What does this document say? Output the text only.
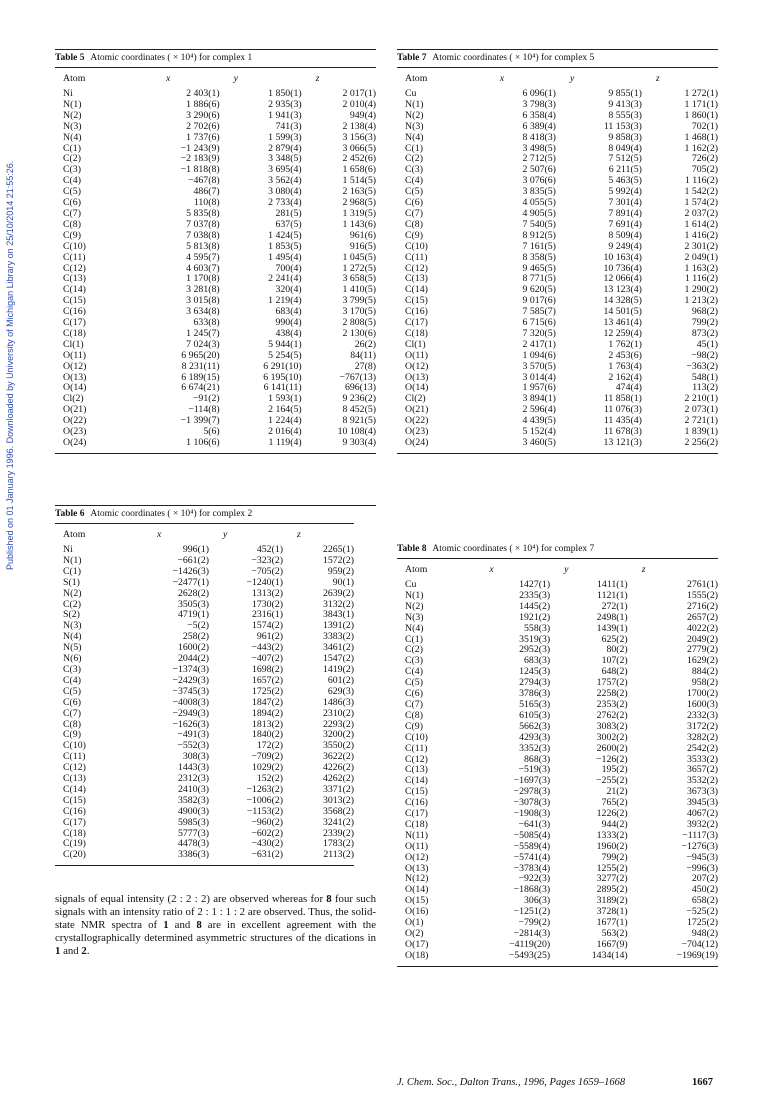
Published on 01 January 1996. Downloaded by University of Michigan Library on 25/10/2014 21:55:26.
Table 5 Atomic coordinates ( × 10⁴) for complex 1
Atom	x	y	z
Ni	2 403(1)	1 850(1)	2 017(1)
N(1)	1 886(6)	2 935(3)	2 010(4)
N(2)	3 290(6)	1 941(3)	949(4)
N(3)	2 702(6)	741(3)	2 138(4)
N(4)	1 737(6)	1 599(3)	3 156(3)
C(1)	−1 243(9)	2 879(4)	3 066(5)
C(2)	−2 183(9)	3 348(5)	2 452(6)
C(3)	−1 818(8)	3 695(4)	1 658(6)
C(4)	−467(8)	3 562(4)	1 514(5)
C(5)	486(7)	3 080(4)	2 163(5)
C(6)	110(8)	2 733(4)	2 968(5)
C(7)	5 835(8)	281(5)	1 319(5)
C(8)	7 037(8)	637(5)	1 143(6)
C(9)	7 038(8)	1 424(5)	961(6)
C(10)	5 813(8)	1 853(5)	916(5)
C(11)	4 595(7)	1 495(4)	1 045(5)
C(12)	4 603(7)	700(4)	1 272(5)
C(13)	1 170(8)	2 241(4)	3 658(5)
C(14)	3 281(8)	320(4)	1 410(5)
C(15)	3 015(8)	1 219(4)	3 799(5)
C(16)	3 634(8)	683(4)	3 170(5)
C(17)	633(8)	990(4)	2 808(5)
C(18)	1 245(7)	438(4)	2 130(6)
Cl(1)	7 024(3)	5 944(1)	26(2)
O(11)	6 965(20)	5 254(5)	84(11)
O(12)	8 231(11)	6 291(10)	27(8)
O(13)	6 189(15)	6 195(10)	−767(13)
O(14)	6 674(21)	6 141(11)	696(13)
Cl(2)	−91(2)	1 593(1)	9 236(2)
O(21)	−114(8)	2 164(5)	8 452(5)
O(22)	−1 399(7)	1 224(4)	8 921(5)
O(23)	5(6)	2 016(4)	10 108(4)
O(24)	1 106(6)	1 119(4)	9 303(4)
Table 7 Atomic coordinates ( × 10⁴) for complex 5
Atom	x	y	z
Cu	6 096(1)	9 855(1)	1 272(1)
N(1)	3 798(3)	9 413(3)	1 171(1)
N(2)	6 358(4)	8 555(3)	1 860(1)
N(3)	6 389(4)	11 153(3)	702(1)
N(4)	8 418(3)	9 858(3)	1 468(1)
C(1)	3 498(5)	8 049(4)	1 162(2)
C(2)	2 712(5)	7 512(5)	726(2)
C(3)	2 507(6)	6 211(5)	705(2)
C(4)	3 076(6)	5 463(5)	1 116(2)
C(5)	3 835(5)	5 992(4)	1 542(2)
C(6)	4 055(5)	7 301(4)	1 574(2)
C(7)	4 905(5)	7 891(4)	2 037(2)
C(8)	7 540(5)	7 691(4)	1 614(2)
C(9)	8 912(5)	8 509(4)	1 416(2)
C(10)	7 161(5)	9 249(4)	2 301(2)
C(11)	8 358(5)	10 163(4)	2 049(1)
C(12)	9 465(5)	10 736(4)	1 163(2)
C(13)	8 771(5)	12 066(4)	1 116(2)
C(14)	9 620(5)	13 123(4)	1 290(2)
C(15)	9 017(6)	14 328(5)	1 213(2)
C(16)	7 585(7)	14 501(5)	968(2)
C(17)	6 715(6)	13 461(4)	799(2)
C(18)	7 320(5)	12 259(4)	873(2)
Cl(1)	2 417(1)	1 762(1)	45(1)
O(11)	1 094(6)	2 453(6)	−98(2)
O(12)	3 570(5)	1 763(4)	−363(2)
O(13)	3 014(4)	2 162(4)	548(1)
O(14)	1 957(6)	474(4)	113(2)
Cl(2)	3 894(1)	11 858(1)	2 210(1)
O(21)	2 596(4)	11 076(3)	2 073(1)
O(22)	4 439(5)	11 435(4)	2 721(1)
O(23)	5 152(4)	11 678(3)	1 839(1)
O(24)	3 460(5)	13 121(3)	2 256(2)
Table 6 Atomic coordinates ( × 10⁴) for complex 2
Atom	x	y	z
Ni	996(1)	452(1)	2265(1)
N(1)	−661(2)	−323(2)	1572(2)
C(1)	−1426(3)	−705(2)	959(2)
S(1)	−2477(1)	−1240(1)	90(1)
N(2)	2628(2)	1313(2)	2639(2)
C(2)	3505(3)	1730(2)	3132(2)
S(2)	4719(1)	2316(1)	3843(1)
N(3)	−5(2)	1574(2)	1391(2)
N(4)	258(2)	961(2)	3383(2)
N(5)	1600(2)	−443(2)	3461(2)
N(6)	2044(2)	−407(2)	1547(2)
C(3)	−1374(3)	1698(2)	1419(2)
C(4)	−2429(3)	1657(2)	601(2)
C(5)	−3745(3)	1725(2)	629(3)
C(6)	−4008(3)	1847(2)	1486(3)
C(7)	−2949(3)	1894(2)	2310(2)
C(8)	−1626(3)	1813(2)	2293(2)
C(9)	−491(3)	1840(2)	3200(2)
C(10)	−552(3)	172(2)	3550(2)
C(11)	308(3)	−709(2)	3622(2)
C(12)	1443(3)	1029(2)	4226(2)
C(13)	2312(3)	152(2)	4262(2)
C(14)	2410(3)	−1263(2)	3371(2)
C(15)	3582(3)	−1006(2)	3013(2)
C(16)	4900(3)	−1153(2)	3568(2)
C(17)	5985(3)	−960(2)	3241(2)
C(18)	5777(3)	−602(2)	2339(2)
C(19)	4478(3)	−430(2)	1783(2)
C(20)	3386(3)	−631(2)	2113(2)
Table 8 Atomic coordinates ( × 10⁴) for complex 7
Atom	x	y	z
Cu	1427(1)	1411(1)	2761(1)
N(1)	2335(3)	1121(1)	1555(2)
N(2)	1445(2)	272(1)	2716(2)
N(3)	1921(2)	2498(1)	2657(2)
N(4)	558(3)	1439(1)	4022(2)
C(1)	3519(3)	625(2)	2049(2)
C(2)	2952(3)	80(2)	2779(2)
C(3)	683(3)	107(2)	1629(2)
C(4)	1245(3)	648(2)	884(2)
C(5)	2794(3)	1757(2)	958(2)
C(6)	3786(3)	2258(2)	1700(2)
C(7)	5165(3)	2353(2)	1600(3)
C(8)	6105(3)	2762(2)	2332(3)
C(9)	5662(3)	3083(2)	3172(2)
C(10)	4293(3)	3002(2)	3282(2)
C(11)	3352(3)	2600(2)	2542(2)
C(12)	868(3)	−126(2)	3533(2)
C(13)	−519(3)	195(2)	3657(2)
C(14)	−1697(3)	−255(2)	3532(2)
C(15)	−2978(3)	21(2)	3673(3)
C(16)	−3078(3)	765(2)	3945(3)
C(17)	−1908(3)	1226(2)	4067(2)
C(18)	−641(3)	944(2)	3932(2)
N(11)	−5085(4)	1333(2)	−1117(3)
O(11)	−5589(4)	1960(2)	−1276(3)
O(12)	−5741(4)	799(2)	−945(3)
O(13)	−3783(4)	1255(2)	−996(3)
N(12)	−922(3)	3277(2)	207(2)
O(14)	−1868(3)	2895(2)	450(2)
O(15)	306(3)	3189(2)	658(2)
O(16)	−1251(2)	3728(1)	−525(2)
O(1)	−799(2)	1677(1)	1725(2)
O(2)	−2814(3)	563(2)	948(2)
O(17)	−4119(20)	1667(9)	−704(12)
O(18)	−5493(25)	1434(14)	−1969(19)
signals of equal intensity (2 : 2 : 2) are observed whereas for 8 four such signals with an intensity ratio of 2 : 1 : 1 : 2 are observed. Thus, the solid-state NMR spectra of 1 and 8 are in excellent agreement with the crystallographically determined asymmetric structures of the dications in 1 and 2.
J. Chem. Soc., Dalton Trans., 1996, Pages 1659–1668	1667
